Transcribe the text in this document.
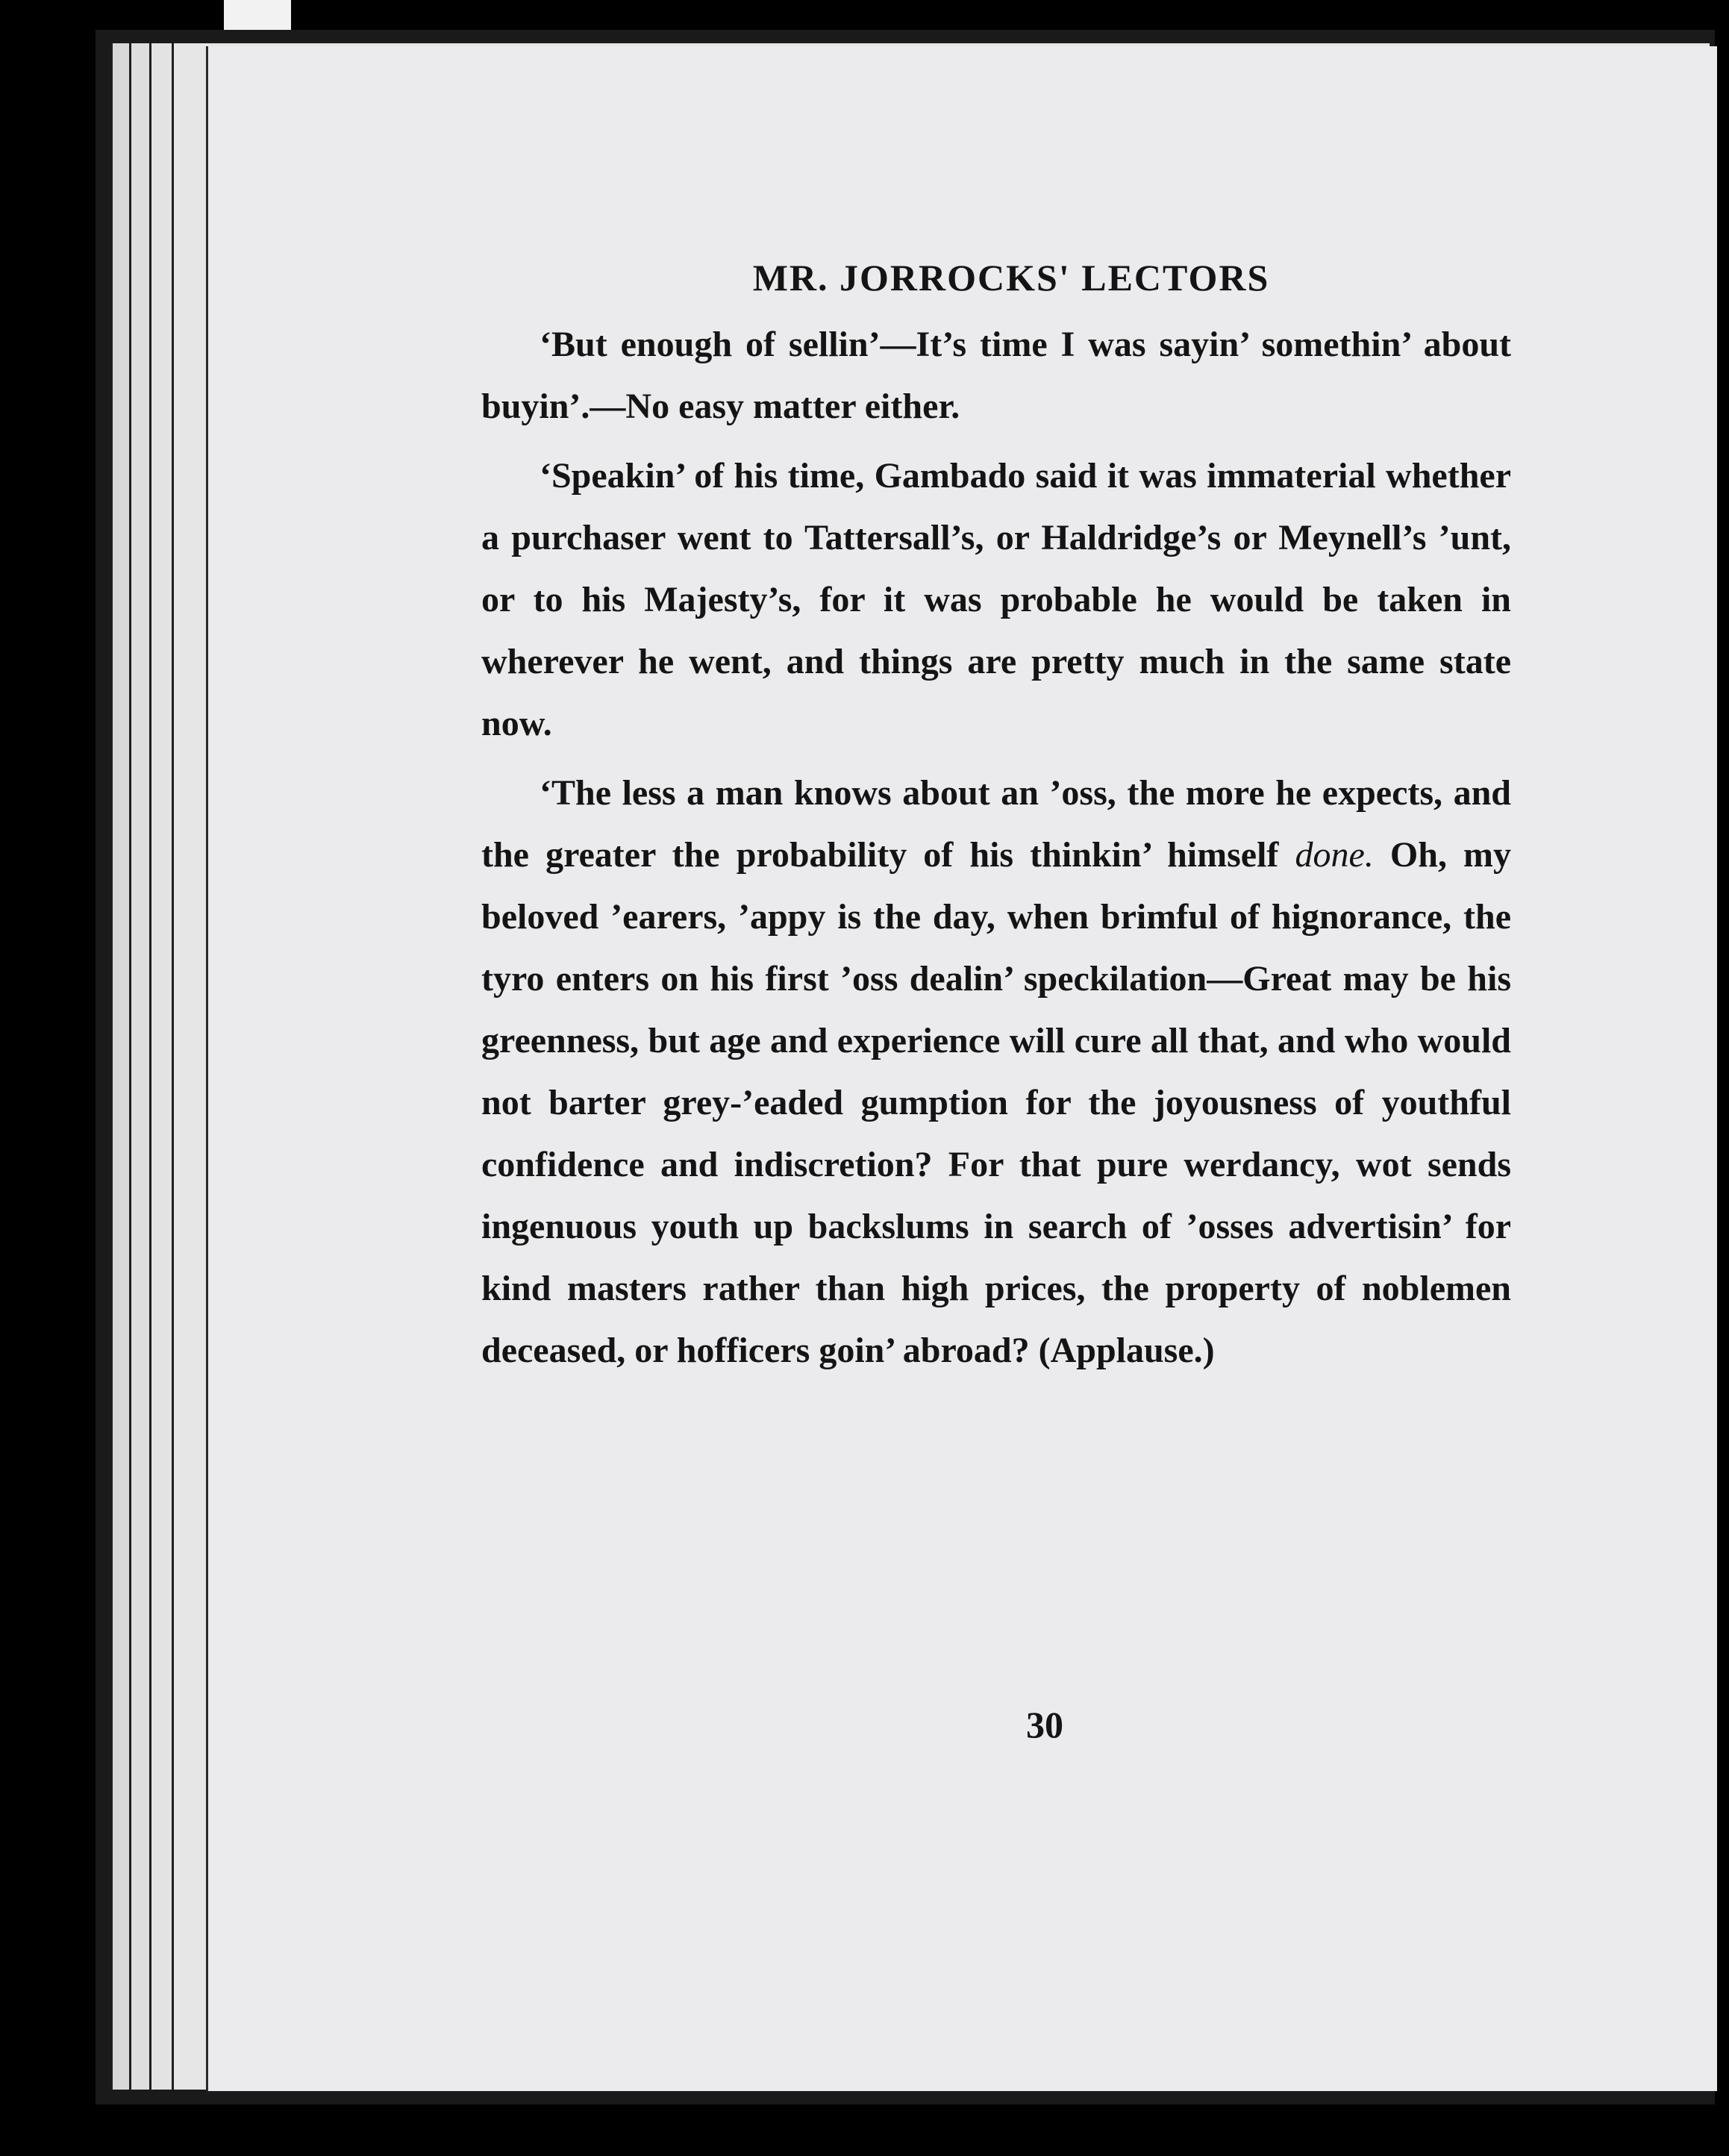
MR. JORROCKS' LECTORS

‘But enough of sellin’—It’s time I was sayin’ somethin’ about buyin’.—No easy matter either.

‘Speakin’ of his time, Gambado said it was immaterial whether a purchaser went to Tattersall’s, or Haldridge’s or Meynell’s ’unt, or to his Majesty’s, for it was probable he would be taken in wherever he went, and things are pretty much in the same state now.

‘The less a man knows about an ’oss, the more he expects, and the greater the probability of his thinkin’ himself done. Oh, my beloved ’earers, ’appy is the day, when brimful of hignorance, the tyro enters on his first ’oss dealin’ speckilation—Great may be his greenness, but age and experience will cure all that, and who would not barter grey-’eaded gumption for the joyousness of youthful confidence and indiscretion? For that pure werdancy, wot sends ingenuous youth up backslums in search of ’osses advertisin’ for kind masters rather than high prices, the property of noblemen deceased, or hofficers goin’ abroad? (Applause.)

30
